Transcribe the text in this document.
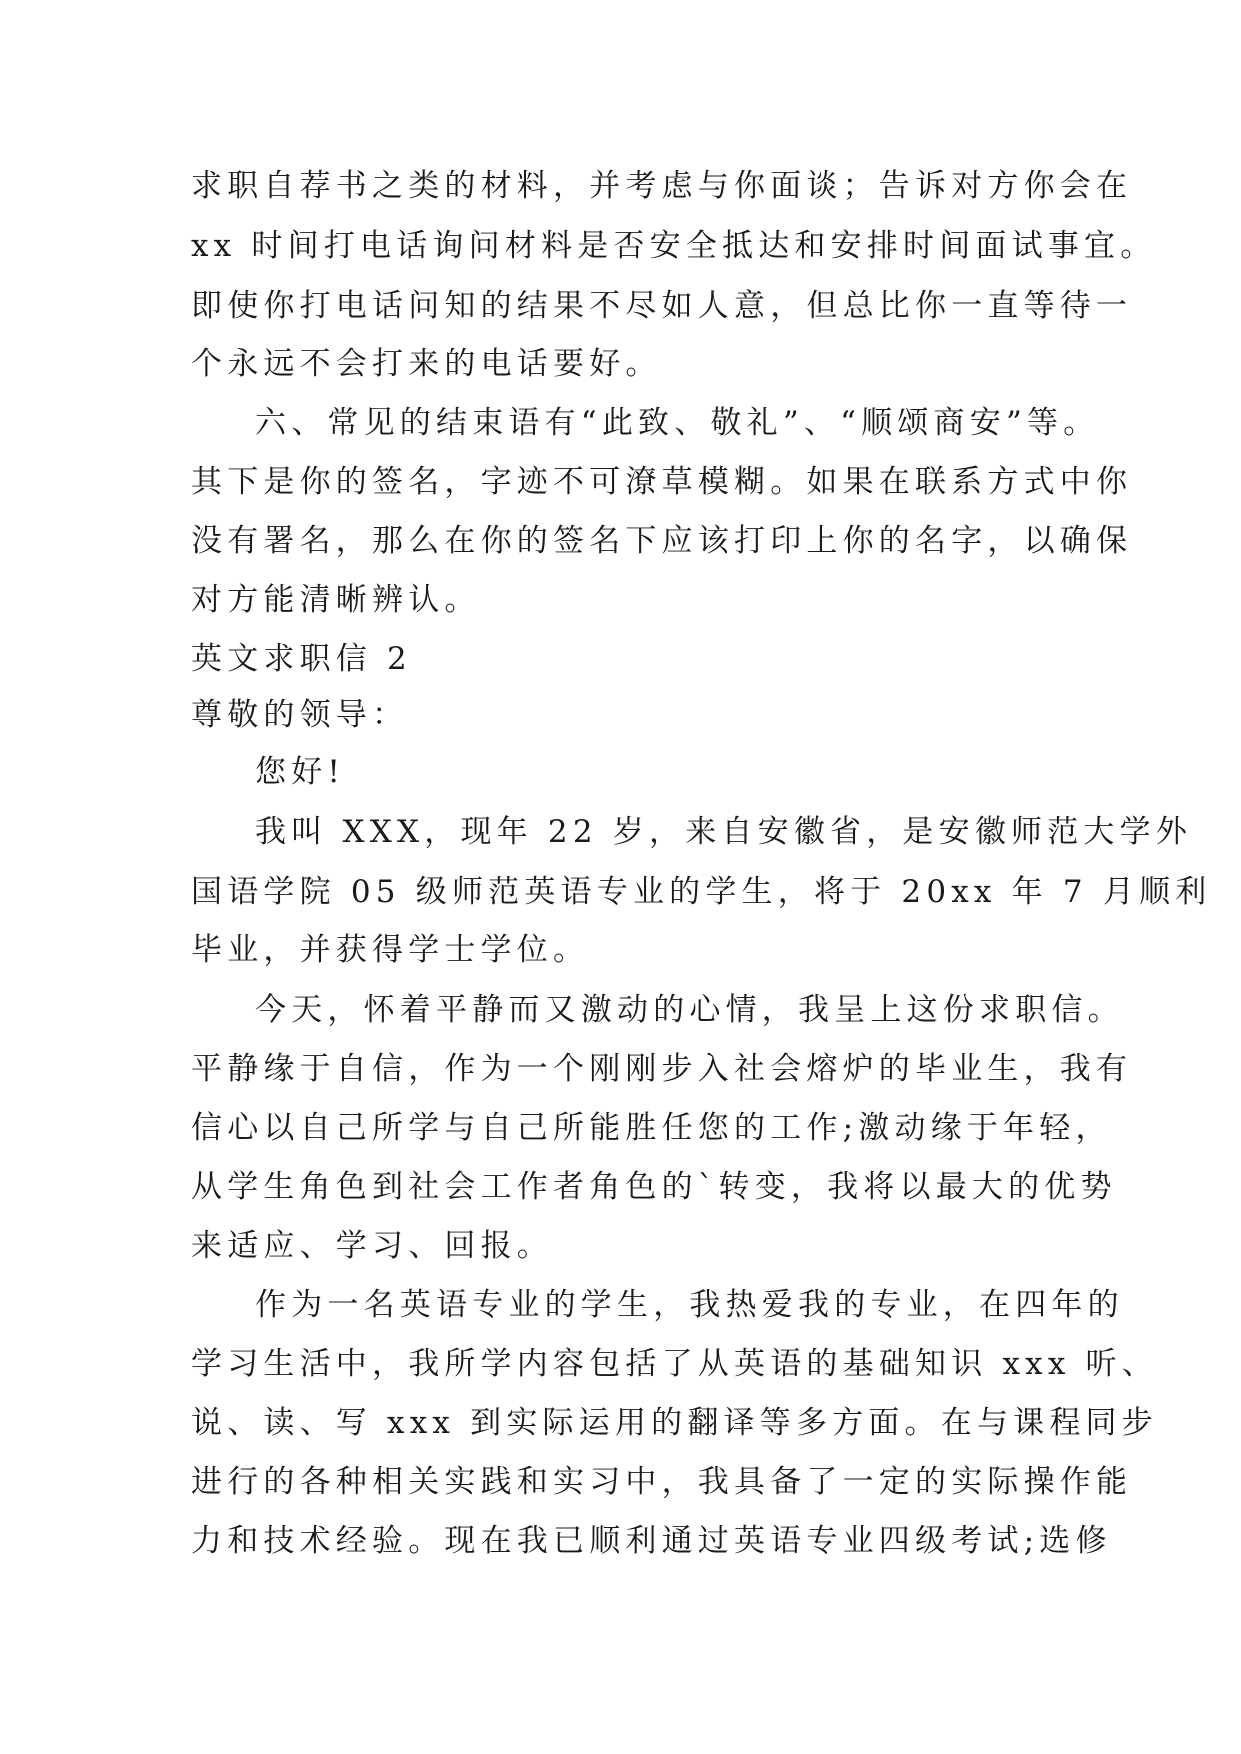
求职自荐书之类的材料，并考虑与你面谈；告诉对方你会在
xx 时间打电话询问材料是否安全抵达和安排时间面试事宜。
即使你打电话问知的结果不尽如人意，但总比你一直等待一
个永远不会打来的电话要好。
六、常见的结束语有“此致、敬礼”、“顺颂商安”等。
其下是你的签名，字迹不可潦草模糊。如果在联系方式中你
没有署名，那么在你的签名下应该打印上你的名字，以确保
对方能清晰辨认。
英文求职信 2
尊敬的领导：
您好!
我叫 XXX，现年 22 岁，来自安徽省，是安徽师范大学外
国语学院 05 级师范英语专业的学生，将于 20xx 年 7 月顺利
毕业，并获得学士学位。
今天，怀着平静而又激动的心情，我呈上这份求职信。
平静缘于自信，作为一个刚刚步入社会熔炉的毕业生，我有
信心以自己所学与自己所能胜任您的工作;激动缘于年轻，
从学生角色到社会工作者角色的`转变，我将以最大的优势
来适应、学习、回报。
作为一名英语专业的学生，我热爱我的专业，在四年的
学习生活中，我所学内容包括了从英语的基础知识 xxx 听、
说、读、写 xxx 到实际运用的翻译等多方面。在与课程同步
进行的各种相关实践和实习中，我具备了一定的实际操作能
力和技术经验。现在我已顺利通过英语专业四级考试;选修
